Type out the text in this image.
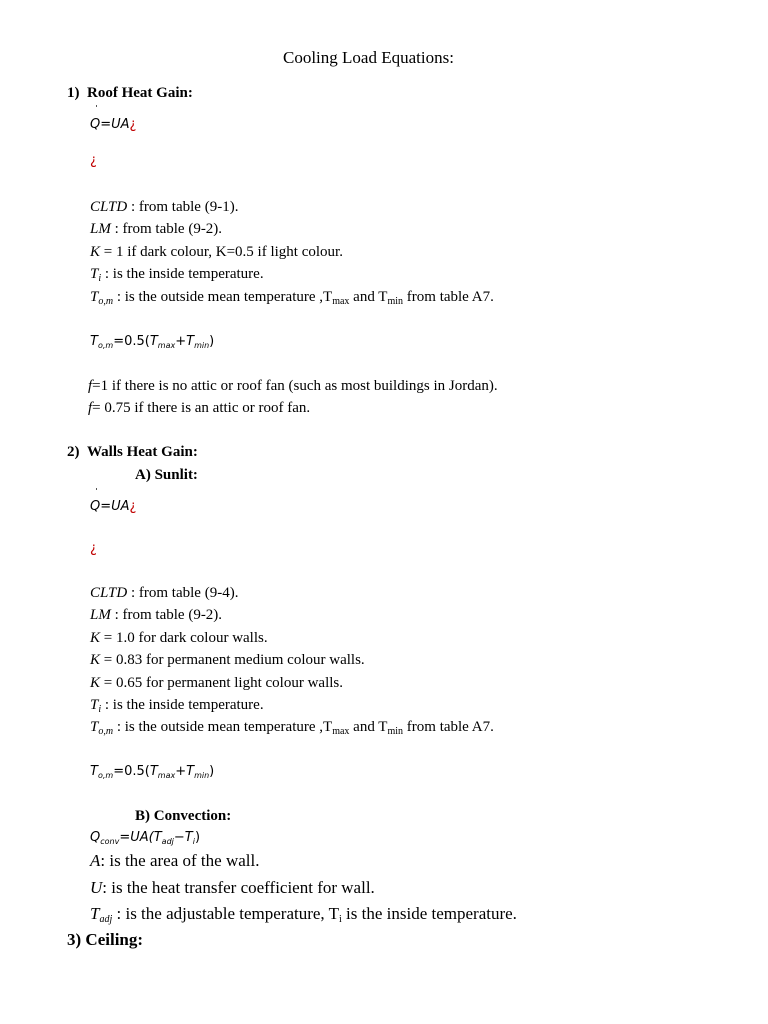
Cooling Load Equations:
1) Roof Heat Gain:
Q=UA¿
¿
CLTD : from table (9-1).
LM : from table (9-2).
K = 1 if dark colour, K=0.5 if light colour.
$T_i$ : is the inside temperature.
$T_{o,m}$ : is the outside mean temperature $,T_{max}$ and $T_{min}$ from table A7.
$T_{o,m}=0.5(T_{max}+T_{min})$
f=1 if there is no attic or roof fan (such as most buildings in Jordan).
f= 0.75 if there is an attic or roof fan.
2) Walls Heat Gain:
A) Sunlit:
Q=UA¿
¿
CLTD : from table (9-4).
LM : from table (9-2).
K = 1.0 for dark colour walls.
K = 0.83 for permanent medium colour walls.
K = 0.65 for permanent light colour walls.
$T_i$ : is the inside temperature.
$T_{o,m}$ : is the outside mean temperature $,T_{max}$ and $T_{min}$ from table A7.
$T_{o,m}=0.5(T_{max}+T_{min})$
B) Convection:
$Q_{conv}=UA(T_{adj}-T_i)$
A: is the area of the wall.
U: is the heat transfer coefficient for wall.
$T_{adj}$ : is the adjustable temperature, $T_i$ is the inside temperature.
3) Ceiling:
